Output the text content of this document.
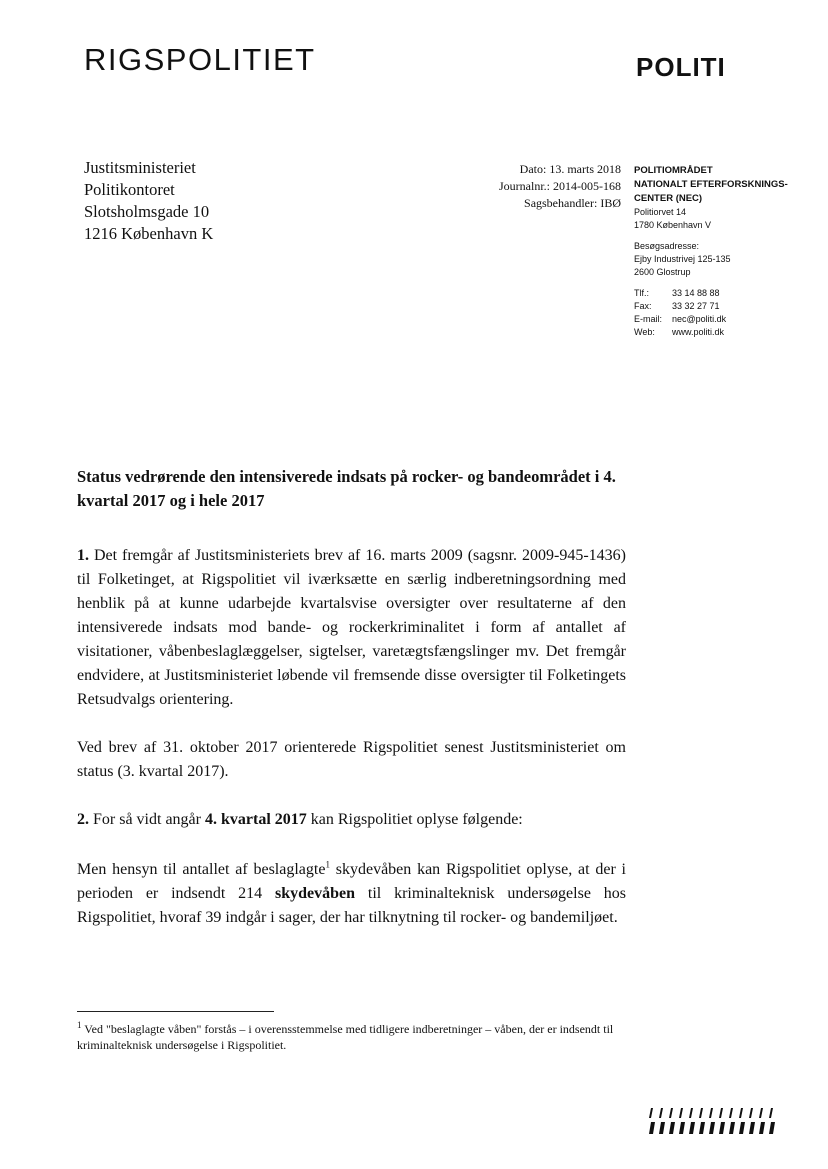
RIGSPOLITIET	POLITI
Justitsministeriet
Politikontoret
Slotsholmsgade 10
1216 København K
Dato: 13. marts 2018
Journalnr.: 2014-005-168
Sagsbehandler: IBØ
POLITIOMRÅDET
NATIONALT EFTERFORSKNINGS-
CENTER (NEC)
Politiorvet 14
1780 København V
Besøgsadresse:
Ejby Industrivej 125-135
2600 Glostrup
Tlf.:	33 14 88 88
Fax:	33 32 27 71
E-mail:	nec@politi.dk
Web:	www.politi.dk
Status vedrørende den intensiverede indsats på rocker- og bandeområdet i 4. kvartal 2017 og i hele 2017
1. Det fremgår af Justitsministeriets brev af 16. marts 2009 (sagsnr. 2009-945-1436) til Folketinget, at Rigspolitiet vil iværksætte en særlig indberetningsordning med henblik på at kunne udarbejde kvartalsvise oversigter over resultaterne af den intensiverede indsats mod bande- og rockerkriminalitet i form af antallet af visitationer, våbenbeslaglæggelser, sigtelser, varetægtsfængslinger mv. Det fremgår endvidere, at Justitsministeriet løbende vil fremsende disse oversigter til Folketingets Retsudvalgs orientering.
Ved brev af 31. oktober 2017 orienterede Rigspolitiet senest Justitsministeriet om status (3. kvartal 2017).
2. For så vidt angår 4. kvartal 2017 kan Rigspolitiet oplyse følgende:
Men hensyn til antallet af beslaglagte$^1$ skydevåben kan Rigspolitiet oplyse, at der i perioden er indsendt 214 skydevåben til kriminalteknisk undersøgelse hos Rigspolitiet, hvoraf 39 indgår i sager, der har tilknytning til rocker- og bandemiljøet.
$^1$ Ved "beslaglagte våben" forstås – i overensstemmelse med tidligere indberetninger – våben, der er indsendt til kriminalteknisk undersøgelse i Rigspolitiet.
